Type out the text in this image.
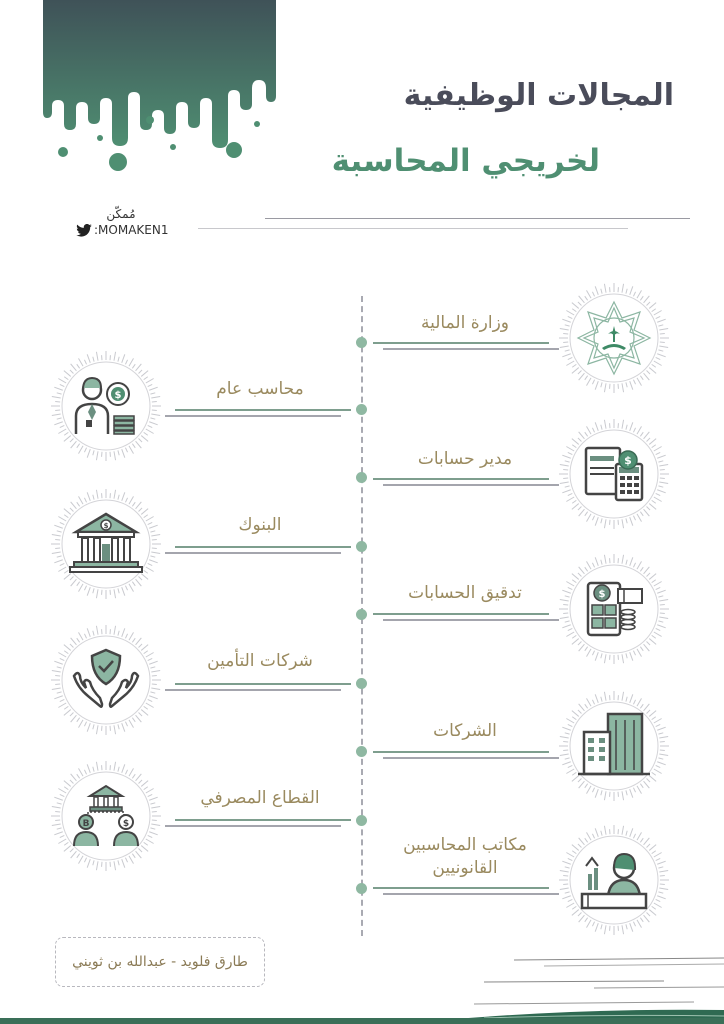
المجالات الوظيفية
لخريجي المحاسبة
مُمكّن
:MOMAKEN1
وزارة المالية
مدير حسابات	$
تدقيق الحسابات	$
الشركات
مكاتب المحاسبين القانونيين
محاسب عام
$
البنوك
$
شركات التأمين
القطاع المصرفي
B	$
طارق فلويد - عبدالله بن ثويني
